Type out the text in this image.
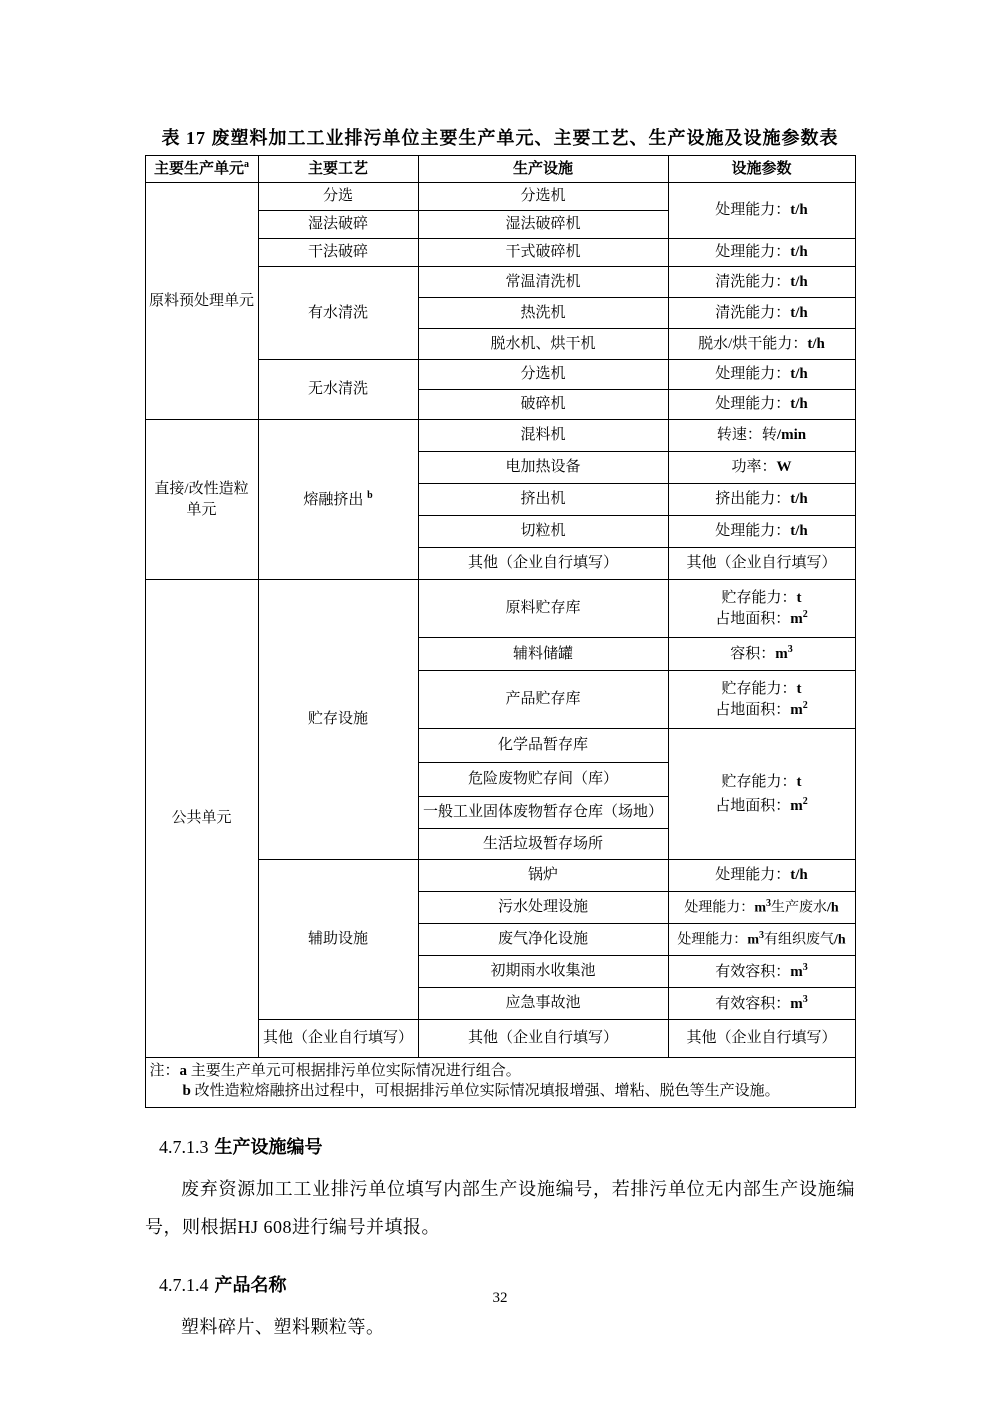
表 17 废塑料加工工业排污单位主要生产单元、主要工艺、生产设施及设施参数表
主要生产单元$^a$	主要工艺	生产设施	设施参数
原料预处理单元	分选	分选机	处理能力：t/h

	湿法破碎	湿法破碎机	
	干法破碎	干式破碎机	处理能力：t/h

	有水清洗	常温清洗机	清洗能力：t/h

		热洗机	清洗能力：t/h

		脱水机、烘干机	脱水/烘干能力：t/h

	无水清洗	分选机	处理能力：t/h

		破碎机	处理能力：t/h

直接/改性造粒单元	熔融挤出 $^b$	混料机	转速：转/min

		电加热设备	功率：W

		挤出机	挤出能力：t/h

		切粒机	处理能力：t/h

		其他（企业自行填写）	其他（企业自行填写）
公共单元	贮存设施	原料贮存库	贮存能力：t
占地面积：$m^2$

		辅料储罐	容积：$m^3$

		产品贮存库	贮存能力：t
占地面积：$m^2$

		化学品暂存库	贮存能力：t
占地面积：$m^2$

		危险废物贮存间（库）	
		一般工业固体废物暂存仓库（场地）	
		生活垃圾暂存场所	
	辅助设施	锅炉	处理能力：t/h

		污水处理设施	处理能力：$m^3$生产废水/h

		废气净化设施	处理能力：$m^3$有组织废气/h

		初期雨水收集池	有效容积：$m^3$

		应急事故池	有效容积：$m^3$

	其他（企业自行填写）	其他（企业自行填写）	其他（企业自行填写）

注：a 主要生产单元可根据排污单位实际情况进行组合。
b 改性造粒熔融挤出过程中，可根据排污单位实际情况填报增强、增粘、脱色等生产设施。			
4.7.1.3 生产设施编号

废弃资源加工工业排污单位填写内部生产设施编号，若排污单位无内部生产设施编号，则根据HJ 608进行编号并填报。

4.7.1.4 产品名称

塑料碎片、塑料颗粒等。

32
